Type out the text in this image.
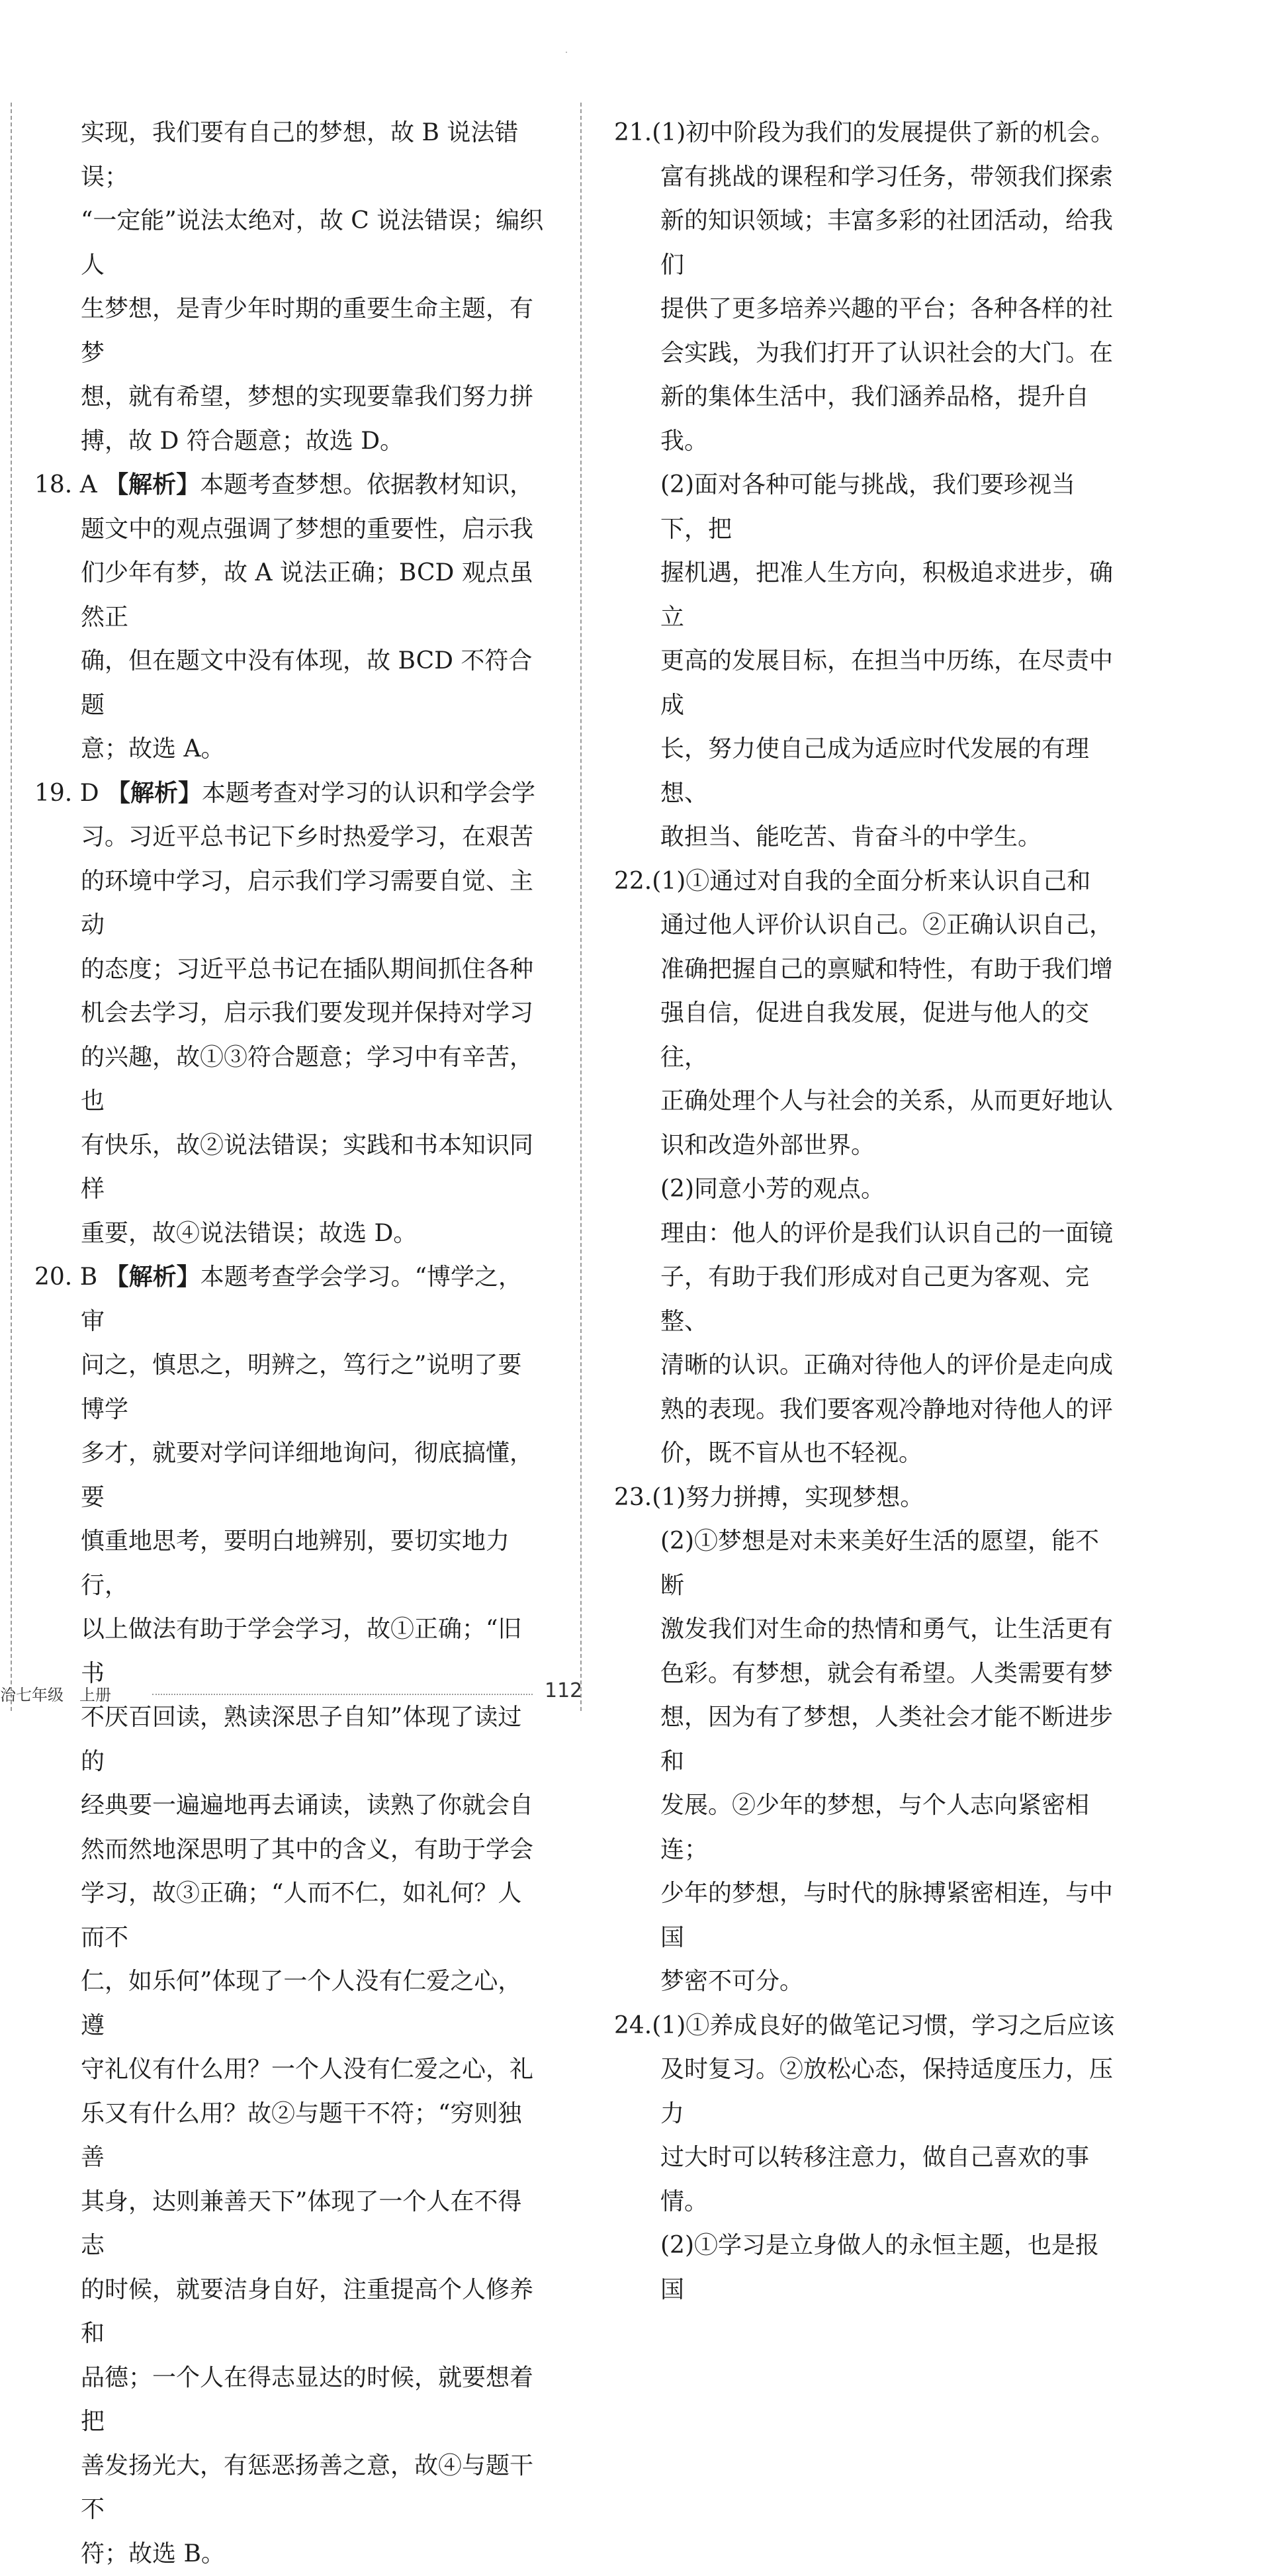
实现，我们要有自己的梦想，故 B 说法错误；

“一定能”说法太绝对，故 C 说法错误；编织人

生梦想，是青少年时期的重要生命主题，有梦

想，就有希望，梦想的实现要靠我们努力拼

搏，故 D 符合题意；故选 D。

18. A 【解析】本题考查梦想。依据教材知识，

题文中的观点强调了梦想的重要性，启示我

们少年有梦，故 A 说法正确；BCD 观点虽然正

确，但在题文中没有体现，故 BCD 不符合题

意；故选 A。

19. D 【解析】本题考查对学习的认识和学会学

习。习近平总书记下乡时热爱学习，在艰苦

的环境中学习，启示我们学习需要自觉、主动

的态度；习近平总书记在插队期间抓住各种

机会去学习，启示我们要发现并保持对学习

的兴趣，故①③符合题意；学习中有辛苦，也

有快乐，故②说法错误；实践和书本知识同样

重要，故④说法错误；故选 D。

20. B 【解析】本题考查学会学习。“博学之，审

问之，慎思之，明辨之，笃行之”说明了要博学

多才，就要对学问详细地询问，彻底搞懂，要

慎重地思考，要明白地辨别，要切实地力行，

以上做法有助于学会学习，故①正确；“旧书

不厌百回读，熟读深思子自知”体现了读过的

经典要一遍遍地再去诵读，读熟了你就会自

然而然地深思明了其中的含义，有助于学会

学习，故③正确；“人而不仁，如礼何？人而不

仁，如乐何”体现了一个人没有仁爱之心，遵

守礼仪有什么用？一个人没有仁爱之心，礼

乐又有什么用？故②与题干不符；“穷则独善

其身，达则兼善天下”体现了一个人在不得志

的时候，就要洁身自好，注重提高个人修养和

品德；一个人在得志显达的时候，就要想着把

善发扬光大，有惩恶扬善之意，故④与题干不

符；故选 B。

21.(1)初中阶段为我们的发展提供了新的机会。

富有挑战的课程和学习任务，带领我们探索

新的知识领域；丰富多彩的社团活动，给我们

提供了更多培养兴趣的平台；各种各样的社

会实践，为我们打开了认识社会的大门。在

新的集体生活中，我们涵养品格，提升自我。

(2)面对各种可能与挑战，我们要珍视当下，把

握机遇，把准人生方向，积极追求进步，确立

更高的发展目标，在担当中历练，在尽责中成

长，努力使自己成为适应时代发展的有理想、

敢担当、能吃苦、肯奋斗的中学生。

22.(1)①通过对自我的全面分析来认识自己和

通过他人评价认识自己。②正确认识自己，

准确把握自己的禀赋和特性，有助于我们增

强自信，促进自我发展，促进与他人的交往，

正确处理个人与社会的关系，从而更好地认

识和改造外部世界。

(2)同意小芳的观点。

理由：他人的评价是我们认识自己的一面镜

子，有助于我们形成对自己更为客观、完整、

清晰的认识。正确对待他人的评价是走向成

熟的表现。我们要客观冷静地对待他人的评

价，既不盲从也不轻视。

23.(1)努力拼搏，实现梦想。

(2)①梦想是对未来美好生活的愿望，能不断

激发我们对生命的热情和勇气，让生活更有

色彩。有梦想，就会有希望。人类需要有梦

想，因为有了梦想，人类社会才能不断进步和

发展。②少年的梦想，与个人志向紧密相连；

少年的梦想，与时代的脉搏紧密相连，与中国

梦密不可分。

24.(1)①养成良好的做笔记习惯，学习之后应该

及时复习。②放松心态，保持适度压力，压力

过大时可以转移注意力，做自己喜欢的事情。

(2)①学习是立身做人的永恒主题，也是报国

治七年级　上册	112
